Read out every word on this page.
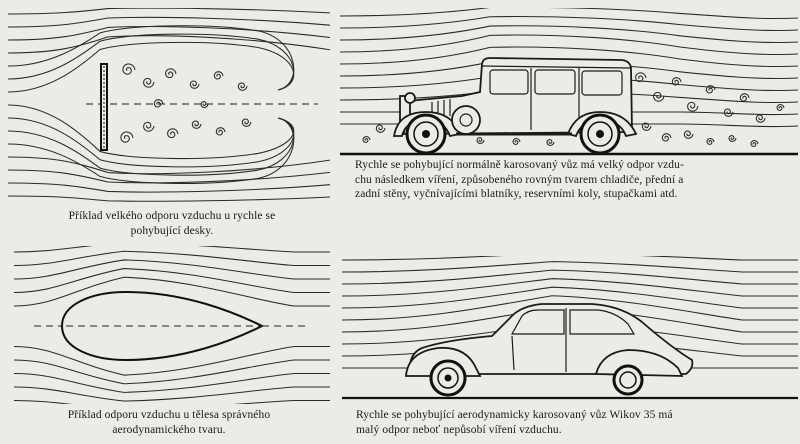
Příklad velkého odporu vzduchu u rychle se
pohybující desky.
Rychle se pohybující normálně karosovaný vůz má velký odpor vzdu-
chu následkem víření, způsobeného rovným tvarem chladiče, přední a
zadní stěny, vyčnívajícími blatníky, reservními koly, stupačkami atd.
Příklad odporu vzduchu u tělesa správného
aerodynamického tvaru.
Rychle se pohybující aerodynamicky karosovaný vůz Wikov 35 má
malý odpor neboť nepůsobí víření vzduchu.
